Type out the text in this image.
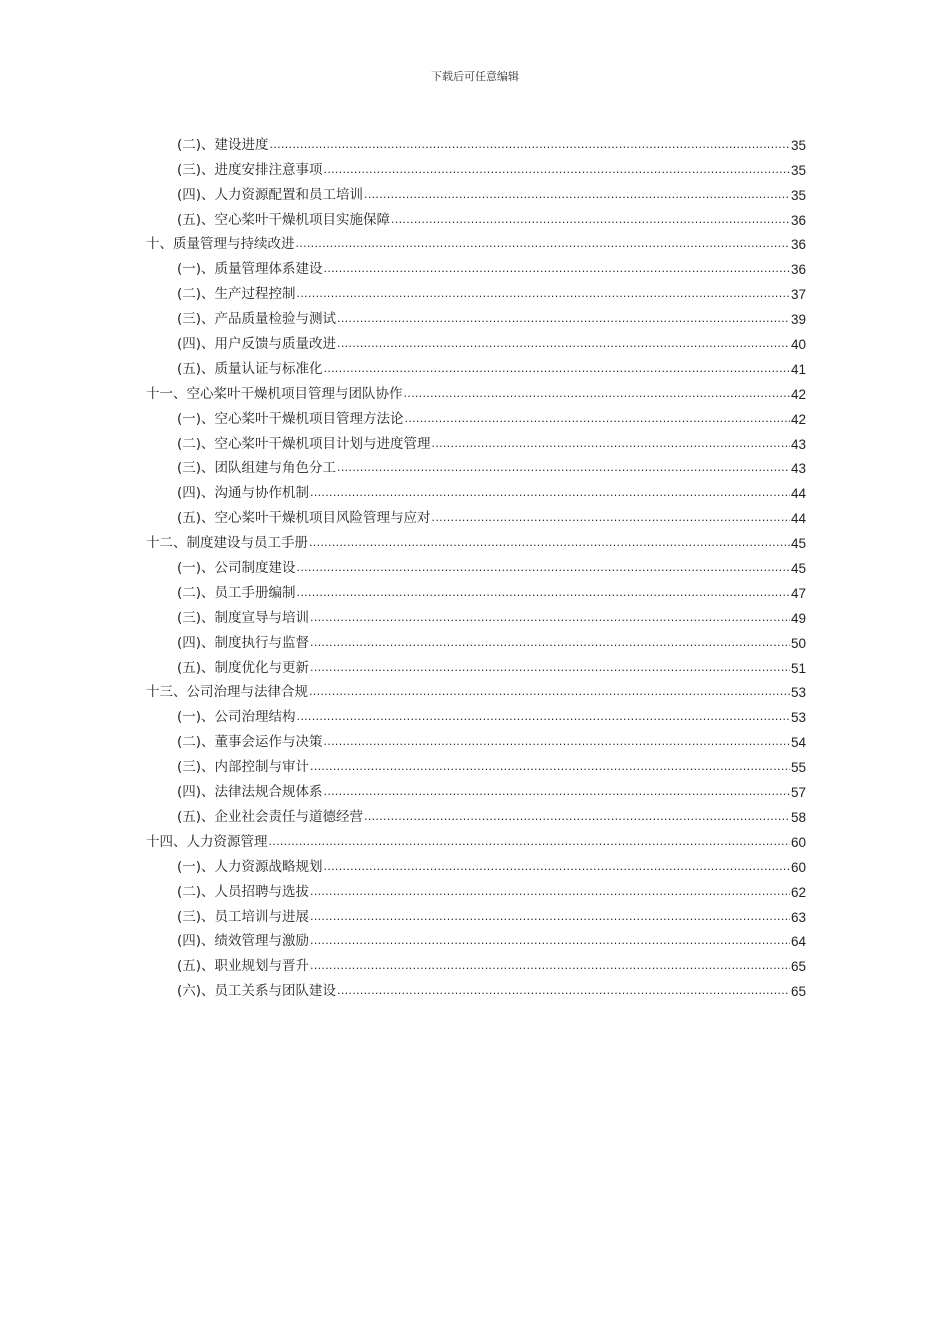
下载后可任意编辑
(二)、建设进度 .....	35
(三)、进度安排注意事项 .....	35
(四)、人力资源配置和员工培训 .....	35
(五)、空心桨叶干燥机项目实施保障 .....	36
十、质量管理与持续改进 .....	36
(一)、质量管理体系建设 .....	36
(二)、生产过程控制 .....	37
(三)、产品质量检验与测试 .....	39
(四)、用户反馈与质量改进 .....	40
(五)、质量认证与标准化 .....	41
十一、空心桨叶干燥机项目管理与团队协作 .....	42
(一)、空心桨叶干燥机项目管理方法论 .....	42
(二)、空心桨叶干燥机项目计划与进度管理 .....	43
(三)、团队组建与角色分工 .....	43
(四)、沟通与协作机制 .....	44
(五)、空心桨叶干燥机项目风险管理与应对 .....	44
十二、制度建设与员工手册 .....	45
(一)、公司制度建设 .....	45
(二)、员工手册编制 .....	47
(三)、制度宣导与培训 .....	49
(四)、制度执行与监督 .....	50
(五)、制度优化与更新 .....	51
十三、公司治理与法律合规 .....	53
(一)、公司治理结构 .....	53
(二)、董事会运作与决策 .....	54
(三)、内部控制与审计 .....	55
(四)、法律法规合规体系 .....	57
(五)、企业社会责任与道德经营 .....	58
十四、人力资源管理 .....	60
(一)、人力资源战略规划 .....	60
(二)、人员招聘与选拔 .....	62
(三)、员工培训与进展 .....	63
(四)、绩效管理与激励 .....	64
(五)、职业规划与晋升 .....	65
(六)、员工关系与团队建设 .....	65
